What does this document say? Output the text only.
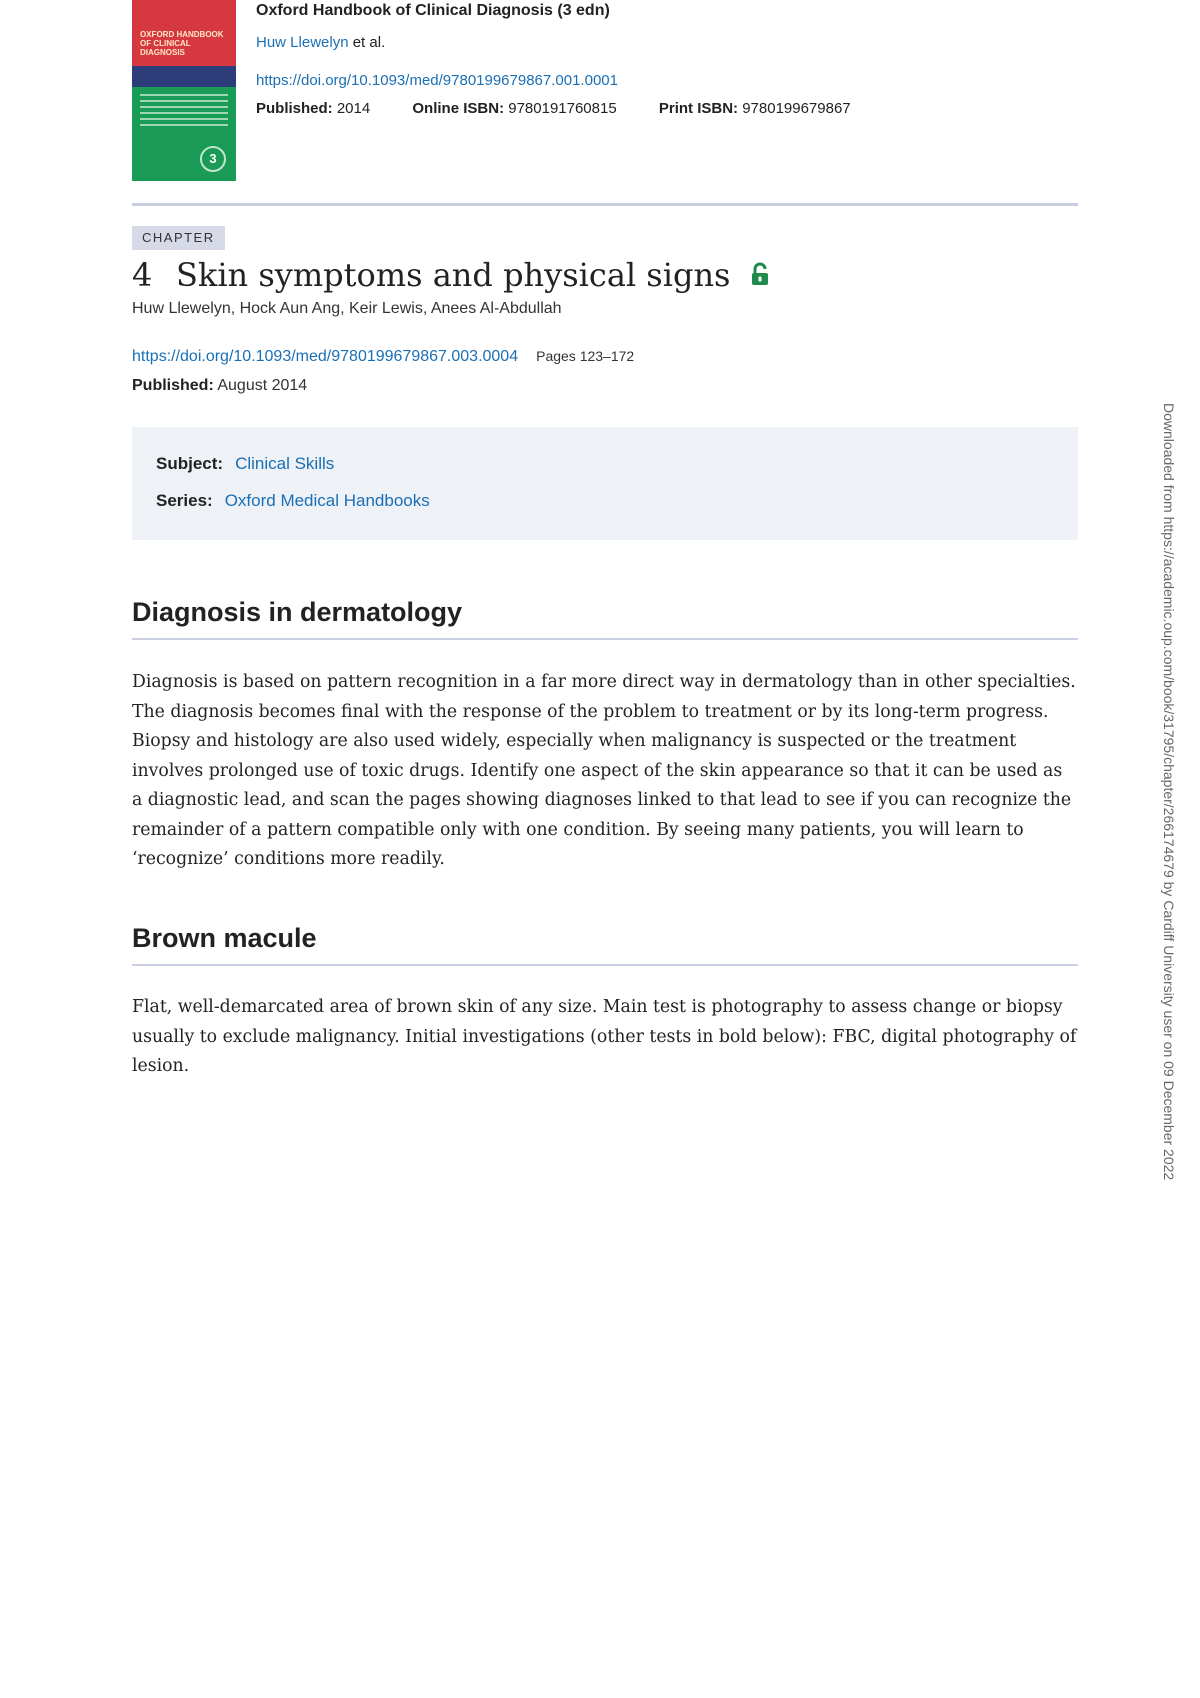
OXFORD HANDBOOK OF CLINICAL DIAGNOSIS
3
Oxford Handbook of Clinical Diagnosis (3 edn)
Huw Llewelyn et al.
https://doi.org/10.1093/med/9780199679867.001.0001
Published: 2014	Online ISBN: 9780191760815	Print ISBN: 9780199679867
CHAPTER
4 Skin symptoms and physical signs
Huw Llewelyn, Hock Aun Ang, Keir Lewis, Anees Al-Abdullah
https://doi.org/10.1093/med/9780199679867.003.0004 Pages 123–172
Published: August 2014
Subject: Clinical Skills
Series: Oxford Medical Handbooks
Diagnosis in dermatology
Diagnosis is based on pattern recognition in a far more direct way in dermatology than in other specialties. The diagnosis becomes final with the response of the problem to treatment or by its long-term progress. Biopsy and histology are also used widely, especially when malignancy is suspected or the treatment involves prolonged use of toxic drugs. Identify one aspect of the skin appearance so that it can be used as a diagnostic lead, and scan the pages showing diagnoses linked to that lead to see if you can recognize the remainder of a pattern compatible only with one condition. By seeing many patients, you will learn to ‘recognize’ conditions more readily.
Brown macule
Flat, well-demarcated area of brown skin of any size. Main test is photography to assess change or biopsy usually to exclude malignancy. Initial investigations (other tests in bold below): FBC, digital photography of lesion.	Downloaded from https://academic.oup.com/book/31795/chapter/266174679 by Cardiff University user on 09 December 2022
